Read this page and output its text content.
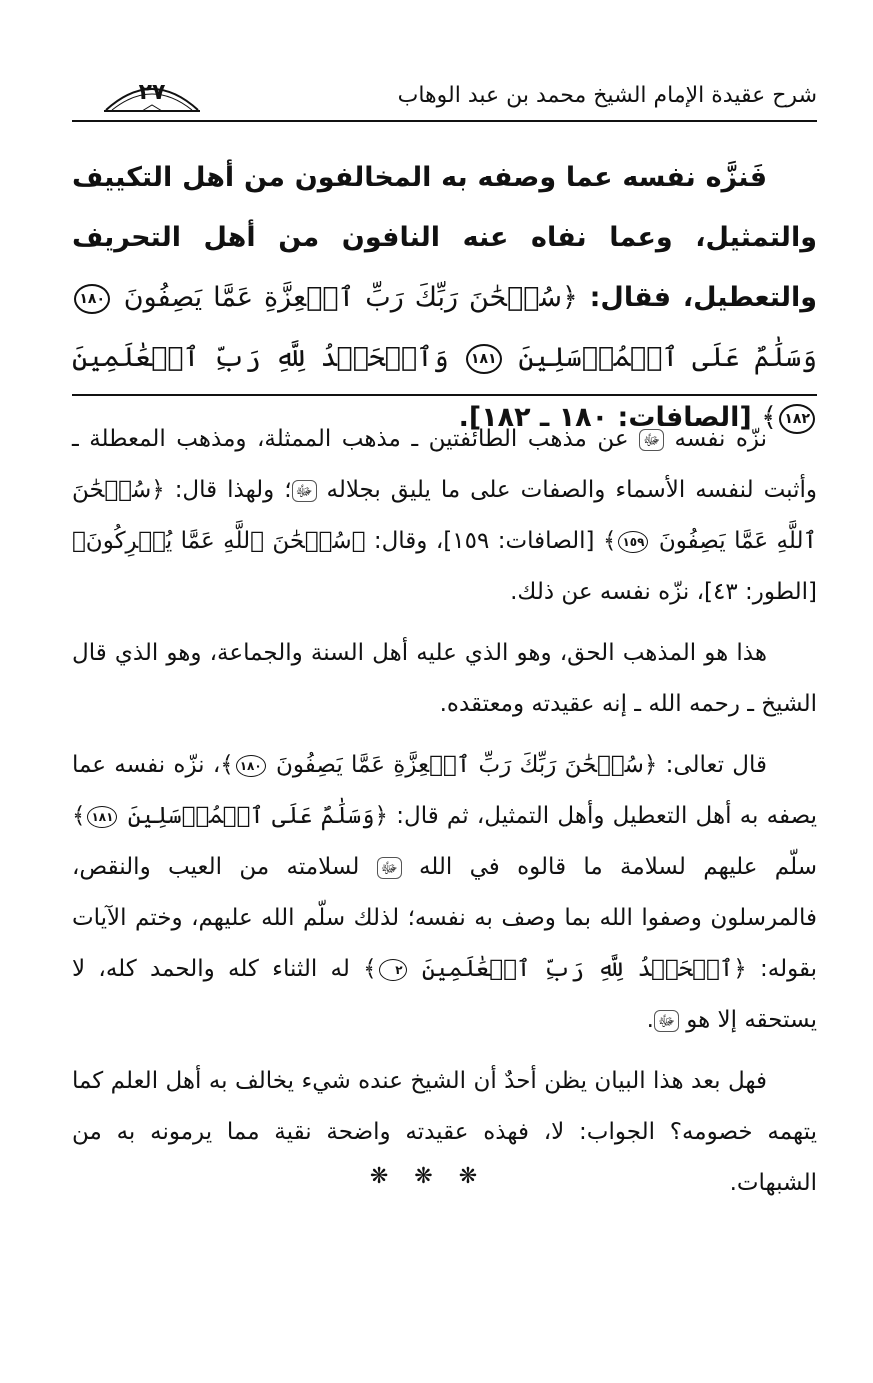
شرح عقيدة الإمام الشيخ محمد بن عبد الوهاب
٢٧

فَنزَّه نفسه عما وصفه به المخالفون من أهل التكييف والتمثيل، وعما نفاه عنه النافون من أهل التحريف والتعطيل، فقال: ﴿سُبۡحَٰنَ رَبِّكَ رَبِّ ٱلۡعِزَّةِ عَمَّا يَصِفُونَ ١٨٠ وَسَلَٰمٌ عَلَى ٱلۡمُرۡسَلِينَ ١٨١ وَٱلۡحَمۡدُ لِلَّهِ رَبِّ ٱلۡعَٰلَمِينَ ١٨٢﴾ [الصافات: ١٨٠ ـ ١٨٢].

نزّه نفسه ﷻ عن مذهب الطائفتين ـ مذهب الممثلة، ومذهب المعطلة ـ وأثبت لنفسه الأسماء والصفات على ما يليق بجلاله ﷻ؛ ولهذا قال: ﴿سُبۡحَٰنَ ٱللَّهِ عَمَّا يَصِفُونَ ١٥٩﴾ [الصافات: ١٥٩]، وقال: ﴿سُبۡحَٰنَ ٱللَّهِ عَمَّا يُشۡرِكُونَ﴾ [الطور: ٤٣]، نزّه نفسه عن ذلك.

هذا هو المذهب الحق، وهو الذي عليه أهل السنة والجماعة، وهو الذي قال الشيخ ـ رحمه الله ـ إنه عقيدته ومعتقده.

قال تعالى: ﴿سُبۡحَٰنَ رَبِّكَ رَبِّ ٱلۡعِزَّةِ عَمَّا يَصِفُونَ ١٨٠﴾، نزّه نفسه عما يصفه به أهل التعطيل وأهل التمثيل، ثم قال: ﴿وَسَلَٰمٌ عَلَى ٱلۡمُرۡسَلِينَ ١٨١﴾ سلّم عليهم لسلامة ما قالوه في الله ﷻ لسلامته من العيب والنقص، فالمرسلون وصفوا الله بما وصف به نفسه؛ لذلك سلّم الله عليهم، وختم الآيات بقوله: ﴿ٱلۡحَمۡدُ لِلَّهِ رَبِّ ٱلۡعَٰلَمِينَ ٢﴾ له الثناء كله والحمد كله، لا يستحقه إلا هو ﷻ.

فهل بعد هذا البيان يظن أحدٌ أن الشيخ عنده شيء يخالف به أهل العلم كما يتهمه خصومه؟ الجواب: لا، فهذه عقيدته واضحة نقية مما يرمونه به من الشبهات.

❋❋❋
